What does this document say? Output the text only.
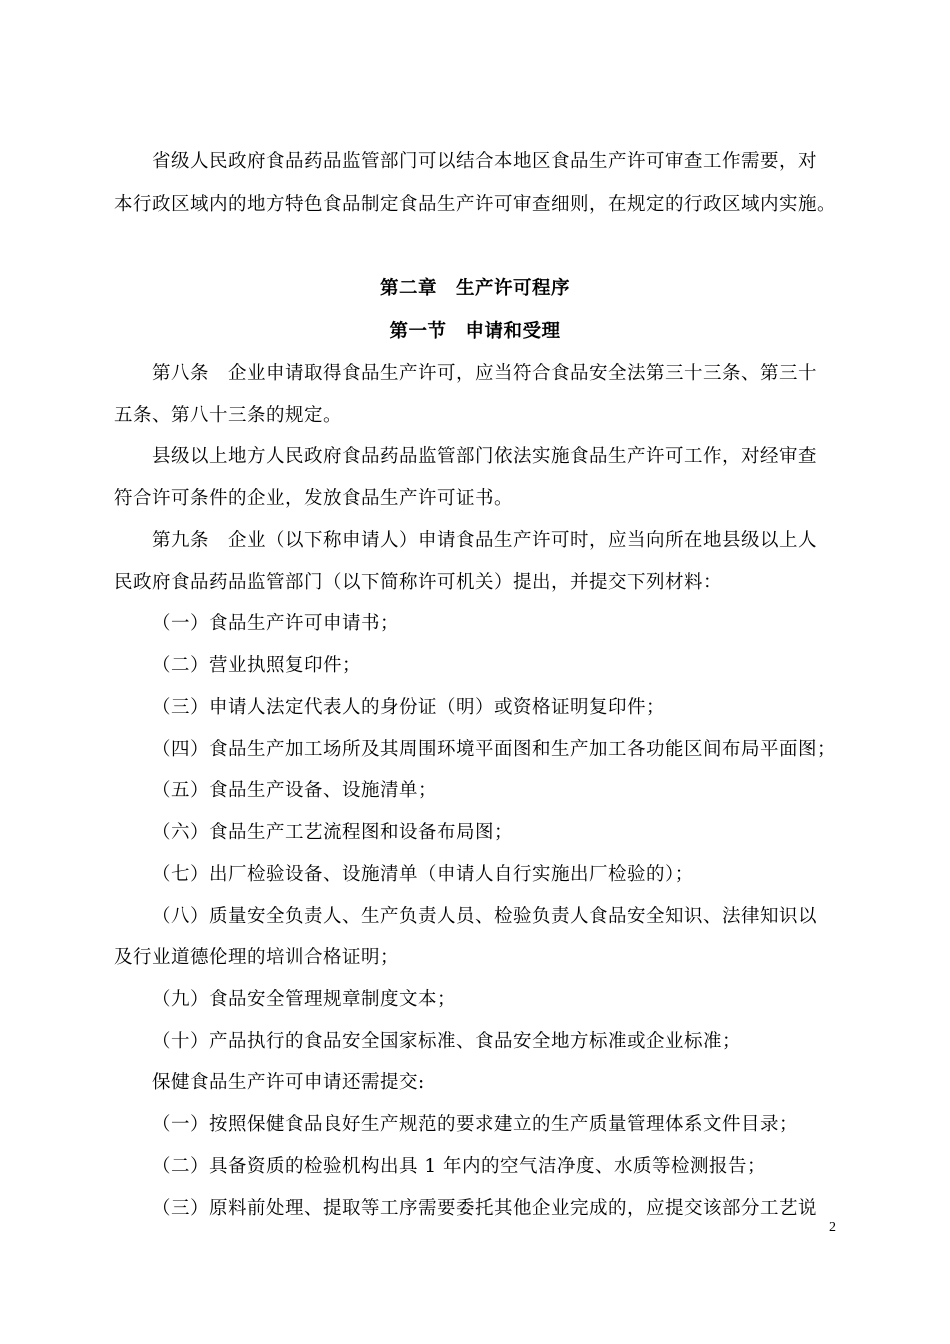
省级人民政府食品药品监管部门可以结合本地区食品生产许可审查工作需要，对
本行政区域内的地方特色食品制定食品生产许可审查细则，在规定的行政区域内实施。
第二章　生产许可程序
第一节　申请和受理
第八条　企业申请取得食品生产许可，应当符合食品安全法第三十三条、第三十
五条、第八十三条的规定。
县级以上地方人民政府食品药品监管部门依法实施食品生产许可工作，对经审查
符合许可条件的企业，发放食品生产许可证书。
第九条　企业（以下称申请人）申请食品生产许可时，应当向所在地县级以上人
民政府食品药品监管部门（以下简称许可机关）提出，并提交下列材料：
（一）食品生产许可申请书；
（二）营业执照复印件；
（三）申请人法定代表人的身份证（明）或资格证明复印件；
（四）食品生产加工场所及其周围环境平面图和生产加工各功能区间布局平面图；
（五）食品生产设备、设施清单；
（六）食品生产工艺流程图和设备布局图；
（七）出厂检验设备、设施清单（申请人自行实施出厂检验的）；
（八）质量安全负责人、生产负责人员、检验负责人食品安全知识、法律知识以
及行业道德伦理的培训合格证明；
（九）食品安全管理规章制度文本；
（十）产品执行的食品安全国家标准、食品安全地方标准或企业标准；
保健食品生产许可申请还需提交:
（一）按照保健食品良好生产规范的要求建立的生产质量管理体系文件目录；
（二）具备资质的检验机构出具 1 年内的空气洁净度、水质等检测报告；
（三）原料前处理、提取等工序需要委托其他企业完成的，应提交该部分工艺说
2
